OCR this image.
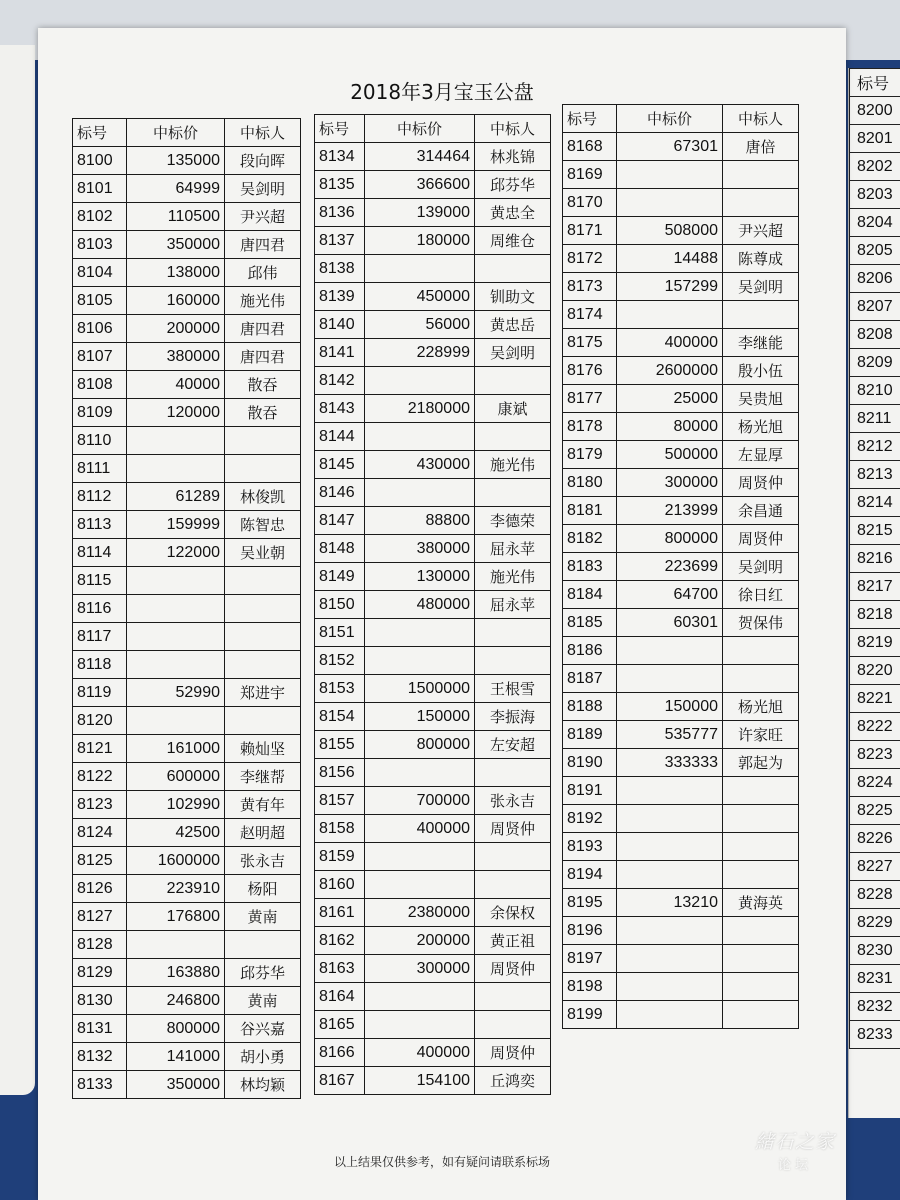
标号
8200
8201
8202
8203
8204
8205
8206
8207
8208
8209
8210
8211
8212
8213
8214
8215
8216
8217
8218
8219
8220
8221
8222
8223
8224
8225
8226
8227
8228
8229
8230
8231
8232
8233
2018年3月宝玉公盘
标号	中标价	中标人
8100	135000	段向晖
8101	64999	吴剑明
8102	110500	尹兴超
8103	350000	唐四君
8104	138000	邱伟
8105	160000	施光伟
8106	200000	唐四君
8107	380000	唐四君
8108	40000	散吞
8109	120000	散吞
8110		
8111		
8112	61289	林俊凯
8113	159999	陈智忠
8114	122000	吴业朝
8115		
8116		
8117		
8118		
8119	52990	郑进宇
8120		
8121	161000	赖灿坚
8122	600000	李继帮
8123	102990	黄有年
8124	42500	赵明超
8125	1600000	张永吉
8126	223910	杨阳
8127	176800	黄南
8128		
8129	163880	邱芬华
8130	246800	黄南
8131	800000	谷兴嘉
8132	141000	胡小勇
8133	350000	林均颖
标号	中标价	中标人
8134	314464	林兆锦
8135	366600	邱芬华
8136	139000	黄忠全
8137	180000	周维仓
8138		
8139	450000	钏助文
8140	56000	黄忠岳
8141	228999	吴剑明
8142		
8143	2180000	康斌
8144		
8145	430000	施光伟
8146		
8147	88800	李德荣
8148	380000	屈永苹
8149	130000	施光伟
8150	480000	屈永苹
8151		
8152		
8153	1500000	王根雪
8154	150000	李振海
8155	800000	左安超
8156		
8157	700000	张永吉
8158	400000	周贤仲
8159		
8160		
8161	2380000	余保权
8162	200000	黄正祖
8163	300000	周贤仲
8164		
8165		
8166	400000	周贤仲
8167	154100	丘鸿奕
标号	中标价	中标人
8168	67301	唐倍
8169		
8170		
8171	508000	尹兴超
8172	14488	陈尊成
8173	157299	吴剑明
8174		
8175	400000	李继能
8176	2600000	殷小伍
8177	25000	吴贵旭
8178	80000	杨光旭
8179	500000	左显厚
8180	300000	周贤仲
8181	213999	余昌通
8182	800000	周贤仲
8183	223699	吴剑明
8184	64700	徐日红
8185	60301	贺保伟
8186		
8187		
8188	150000	杨光旭
8189	535777	许家旺
8190	333333	郭起为
8191		
8192		
8193		
8194		
8195	13210	黄海英
8196		
8197		
8198		
8199		
以上结果仅供参考，如有疑问请联系标场
緒石之家
论坛
